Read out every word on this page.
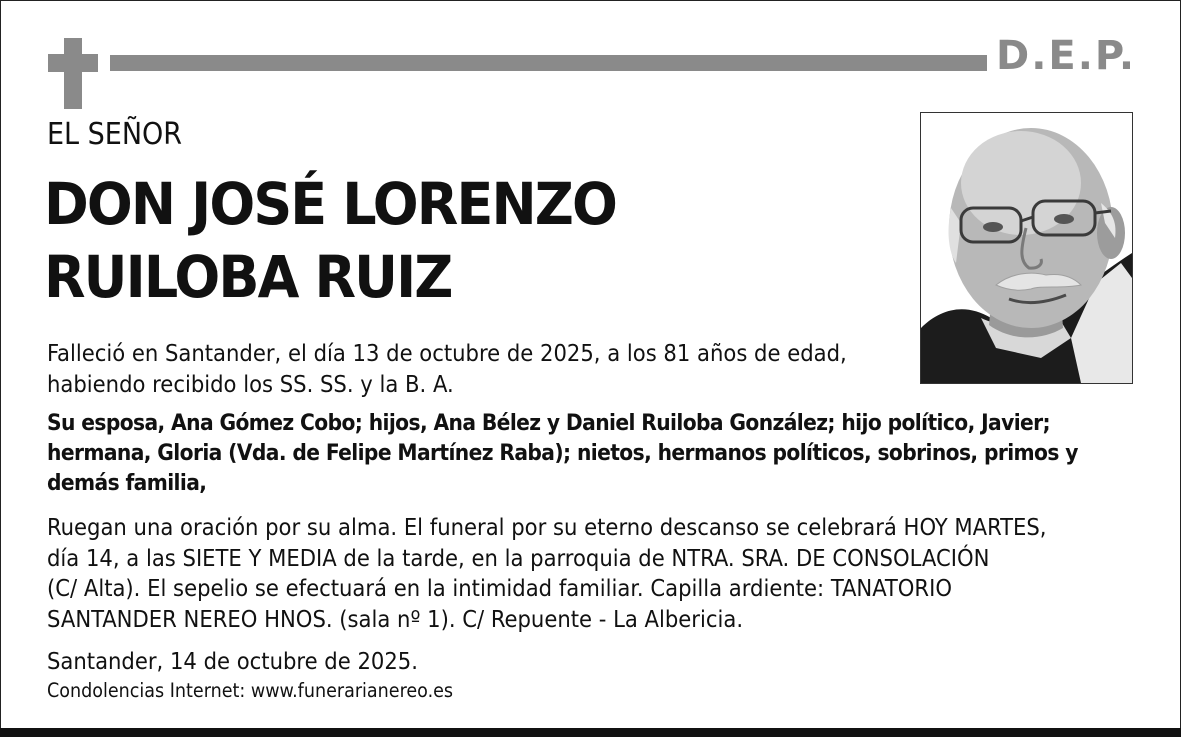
D.E.P.
EL SEÑOR
DON JOSÉ LORENZO
RUILOBA RUIZ
Falleció en Santander, el día 13 de octubre de 2025, a los 81 años de edad,
habiendo recibido los SS. SS. y la B. A.
Su esposa, Ana Gómez Cobo; hijos, Ana Bélez y Daniel Ruiloba González; hijo político, Javier;
hermana, Gloria (Vda. de Felipe Martínez Raba); nietos, hermanos políticos, sobrinos, primos y
demás familia,
Ruegan una oración por su alma. El funeral por su eterno descanso se celebrará HOY MARTES,
día 14, a las SIETE Y MEDIA de la tarde, en la parroquia de NTRA. SRA. DE CONSOLACIÓN
(C/ Alta). El sepelio se efectuará en la intimidad familiar. Capilla ardiente: TANATORIO
SANTANDER NEREO HNOS. (sala nº 1). C/ Repuente - La Albericia.
Santander, 14 de octubre de 2025.
Condolencias Internet: www.funerarianereo.es
